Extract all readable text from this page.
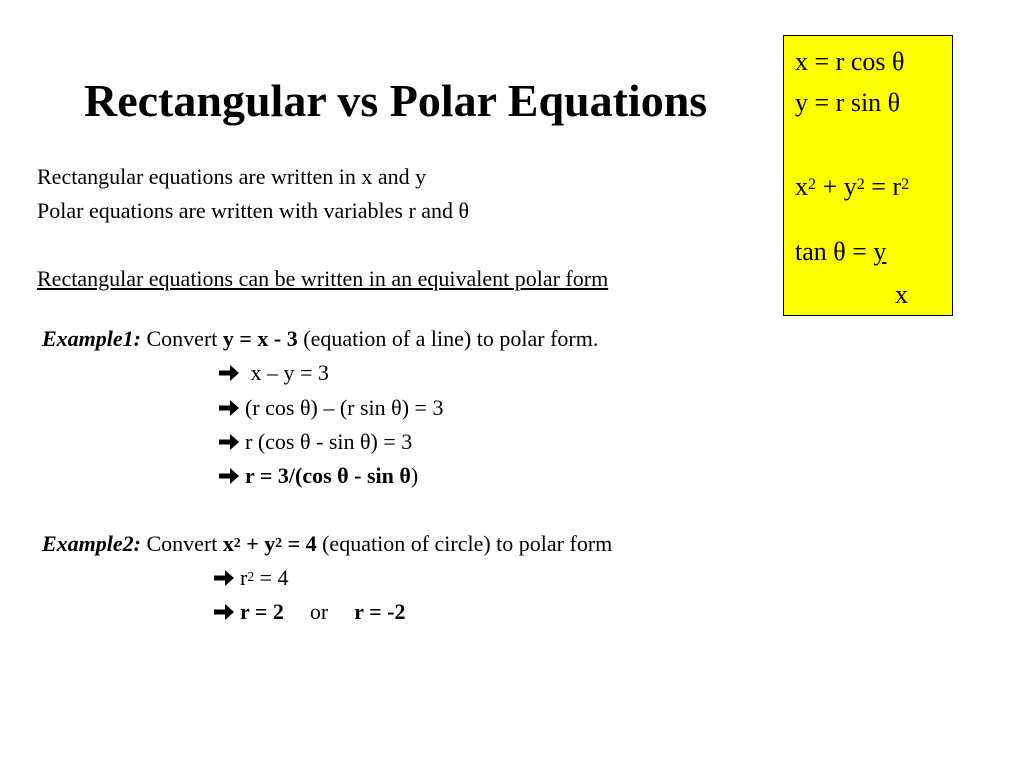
Rectangular vs Polar Equations
Rectangular equations are written in x and y
Polar equations are written with variables r and θ
Rectangular equations can be written in an equivalent polar form
x = r cos θ
y = r sin θ
$x^2 + y^2 = r^2$
tan θ = y
x
Example1: Convert y = x - 3 (equation of a line) to polar form.
x – y = 3
(r cos θ) – (r sin θ) = 3
r (cos θ - sin θ) = 3
r = 3/(cos θ - sin θ)
Example2: Convert $x^2 + y^2 = 4$ (equation of circle) to polar form
$r^2 = 4$
r = 2 or r = -2
